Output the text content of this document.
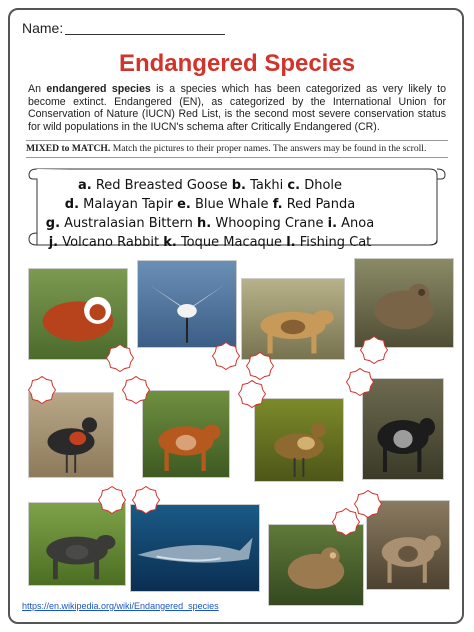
Name:
Endangered Species
An endangered species is a species which has been categorized as very likely to become extinct. Endangered (EN), as categorized by the International Union for Conservation of Nature (IUCN) Red List, is the second most severe conservation status for wild populations in the IUCN's schema after Critically Endangered (CR).
MIXED to MATCH. Match the pictures to their proper names. The answers may be found in the scroll.
a. Red Breasted Goose b. Takhi c. Dhole
d. Malayan Tapir e. Blue Whale f. Red Panda
g. Australasian Bittern h. Whooping Crane i. Anoa
j. Volcano Rabbit k. Toque Macaque l. Fishing Cat
https://en.wikipedia.org/wiki/Endangered_species
